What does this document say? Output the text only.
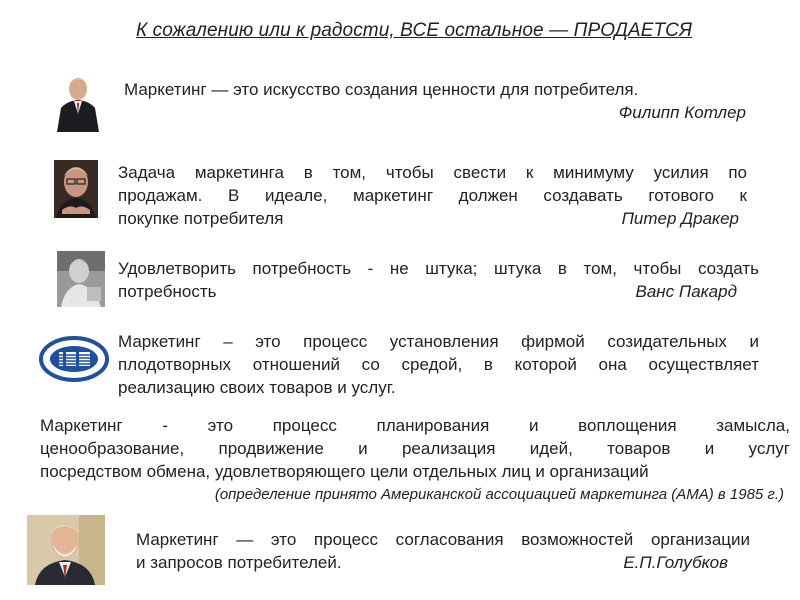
К сожалению или к радости, ВСЕ остальное — ПРОДАЕТСЯ
Маркетинг — это искусство создания ценности для потребителя.
Филипп Котлер
Задача маркетинга в том, чтобы свести к минимуму усилия по
продажам. В идеале, маркетинг должен создавать готового к
покупке потребителя	Питер Дракер
Удовлетворить потребность - не штука; штука в том, чтобы создать
потребность	Ванс Пакард
Маркетинг – это процесс установления фирмой созидательных и
плодотворных отношений со средой, в которой она осуществляет
реализацию своих товаров и услуг.
Маркетинг - это процесс планирования и воплощения замысла,
ценообразование, продвижение и реализация идей, товаров и услуг
посредством обмена, удовлетворяющего цели отдельных лиц и организаций
(определение принято Американской ассоциацией маркетинга (АМА) в 1985 г.)
Маркетинг — это процесс согласования возможностей организации
и запросов потребителей.	Е.П.Голубков
